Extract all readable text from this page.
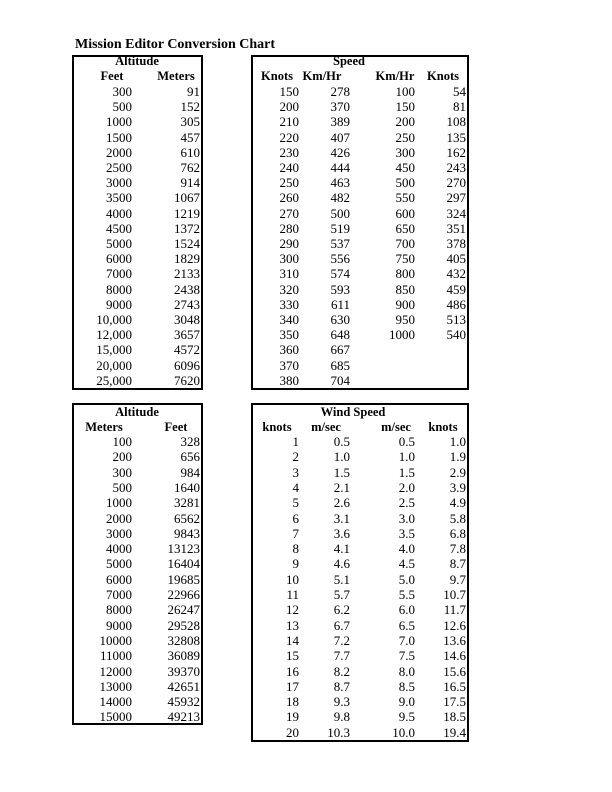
Mission Editor Conversion Chart
Altitude
Feet	Meters
300	91
500	152
1000	305
1500	457
2000	610
2500	762
3000	914
3500	1067
4000	1219
4500	1372
5000	1524
6000	1829
7000	2133
8000	2438
9000	2743
10,000	3048
12,000	3657
15,000	4572
20,000	6096
25,000	7620
Speed
Knots Km/Hr	Km/Hr Knots
150	278	100	54
200	370	150	81
210	389	200	108
220	407	250	135
230	426	300	162
240	444	450	243
250	463	500	270
260	482	550	297
270	500	600	324
280	519	650	351
290	537	700	378
300	556	750	405
310	574	800	432
320	593	850	459
330	611	900	486
340	630	950	513
350	648	1000	540
360	667
370	685
380	704
Altitude
Meters	Feet
100	328
200	656
300	984
500	1640
1000	3281
2000	6562
3000	9843
4000	13123
5000	16404
6000	19685
7000	22966
8000	26247
9000	29528
10000	32808
11000	36089
12000	39370
13000	42651
14000	45932
15000	49213
Wind Speed
knots m/sec	m/sec knots
1	0.5	0.5	1.0
2	1.0	1.0	1.9
3	1.5	1.5	2.9
4	2.1	2.0	3.9
5	2.6	2.5	4.9
6	3.1	3.0	5.8
7	3.6	3.5	6.8
8	4.1	4.0	7.8
9	4.6	4.5	8.7
10	5.1	5.0	9.7
11	5.7	5.5	10.7
12	6.2	6.0	11.7
13	6.7	6.5	12.6
14	7.2	7.0	13.6
15	7.7	7.5	14.6
16	8.2	8.0	15.6
17	8.7	8.5	16.5
18	9.3	9.0	17.5
19	9.8	9.5	18.5
20	10.3	10.0	19.4
